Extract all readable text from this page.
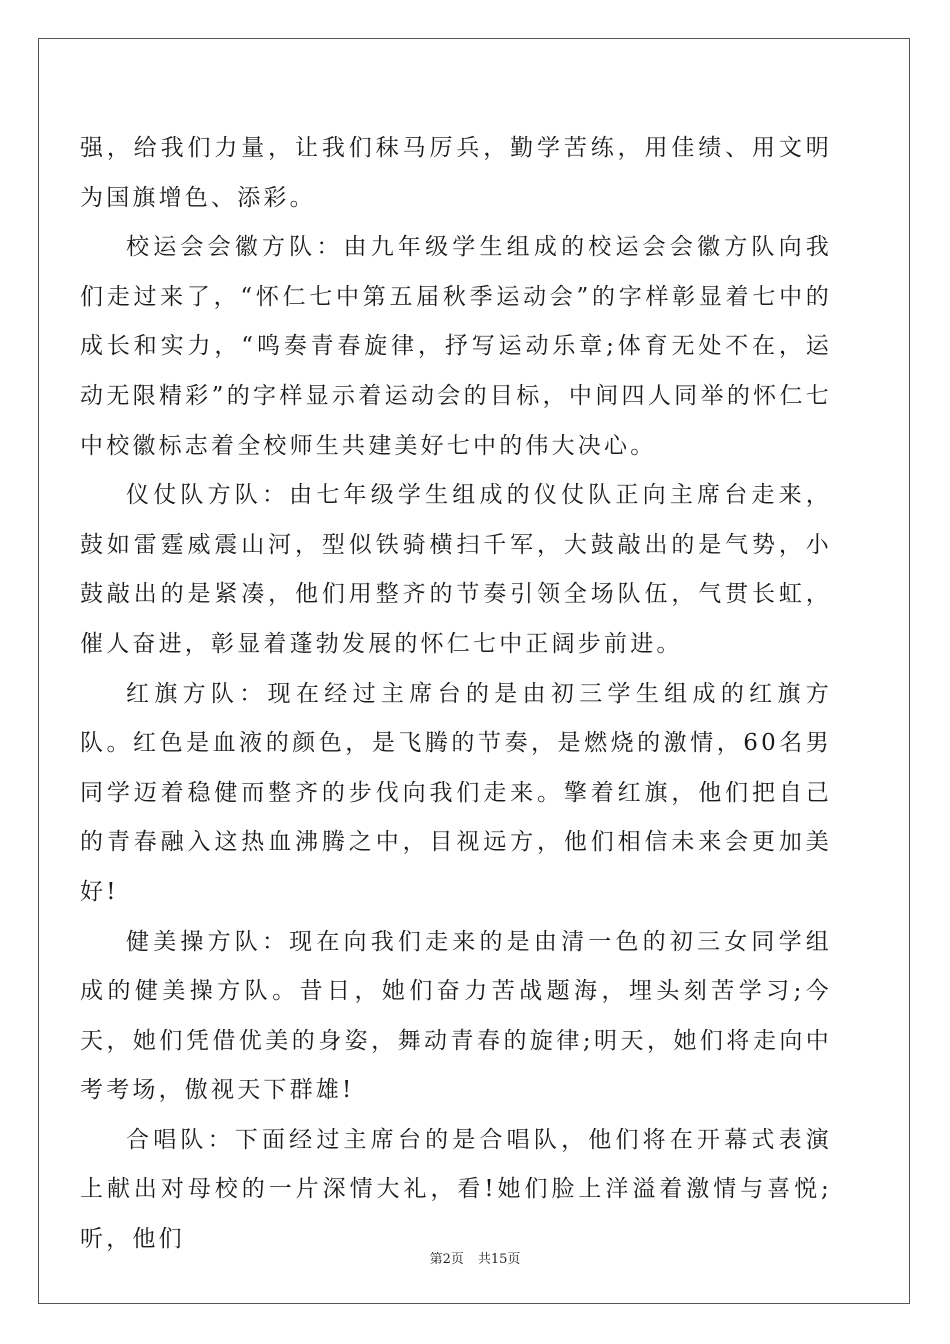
强，给我们力量，让我们秣马厉兵，勤学苦练，用佳绩、用文明为国旗增色、添彩。

校运会会徽方队：由九年级学生组成的校运会会徽方队向我们走过来了，“怀仁七中第五届秋季运动会”的字样彰显着七中的成长和实力，“鸣奏青春旋律，抒写运动乐章;体育无处不在，运动无限精彩”的字样显示着运动会的目标，中间四人同举的怀仁七中校徽标志着全校师生共建美好七中的伟大决心。

仪仗队方队：由七年级学生组成的仪仗队正向主席台走来，鼓如雷霆威震山河，型似铁骑横扫千军，大鼓敲出的是气势，小鼓敲出的是紧凑，他们用整齐的节奏引领全场队伍，气贯长虹，催人奋进，彰显着蓬勃发展的怀仁七中正阔步前进。

红旗方队：现在经过主席台的是由初三学生组成的红旗方队。红色是血液的颜色，是飞腾的节奏，是燃烧的激情，60名男同学迈着稳健而整齐的步伐向我们走来。擎着红旗，他们把自己的青春融入这热血沸腾之中，目视远方，他们相信未来会更加美好!

健美操方队：现在向我们走来的是由清一色的初三女同学组成的健美操方队。昔日，她们奋力苦战题海，埋头刻苦学习;今天，她们凭借优美的身姿，舞动青春的旋律;明天，她们将走向中考考场，傲视天下群雄!

合唱队：下面经过主席台的是合唱队，他们将在开幕式表演上献出对母校的一片深情大礼，看!她们脸上洋溢着激情与喜悦;听，他们

第2页 共15页
